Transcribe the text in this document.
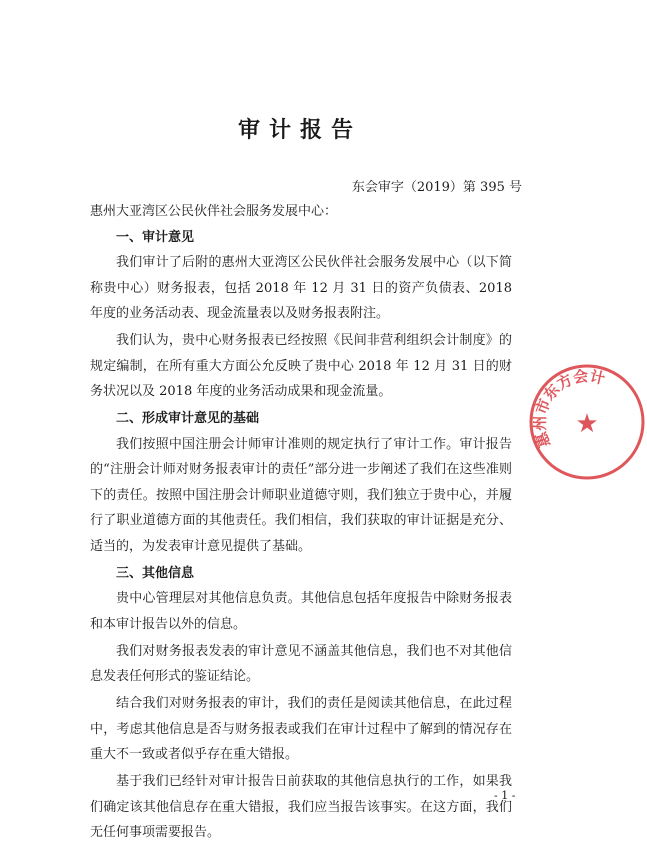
审计报告
东会审字（2019）第 395 号

惠州大亚湾区公民伙伴社会服务发展中心：

一、审计意见

我们审计了后附的惠州大亚湾区公民伙伴社会服务发展中心（以下简称贵中心）财务报表，包括 2018 年 12 月 31 日的资产负债表、2018 年度的业务活动表、现金流量表以及财务报表附注。

我们认为，贵中心财务报表已经按照《民间非营利组织会计制度》的规定编制，在所有重大方面公允反映了贵中心 2018 年 12 月 31 日的财务状况以及 2018 年度的业务活动成果和现金流量。

二、形成审计意见的基础

我们按照中国注册会计师审计准则的规定执行了审计工作。审计报告的“注册会计师对财务报表审计的责任”部分进一步阐述了我们在这些准则下的责任。按照中国注册会计师职业道德守则，我们独立于贵中心，并履行了职业道德方面的其他责任。我们相信，我们获取的审计证据是充分、适当的，为发表审计意见提供了基础。

三、其他信息

贵中心管理层对其他信息负责。其他信息包括年度报告中除财务报表和本审计报告以外的信息。

我们对财务报表发表的审计意见不涵盖其他信息，我们也不对其他信息发表任何形式的鉴证结论。

结合我们对财务报表的审计，我们的责任是阅读其他信息，在此过程中，考虑其他信息是否与财务报表或我们在审计过程中了解到的情况存在重大不一致或者似乎存在重大错报。

基于我们已经针对审计报告日前获取的其他信息执行的工作，如果我们确定该其他信息存在重大错报，我们应当报告该事实。在这方面，我们无任何事项需要报告。

惠州市东方会计
★
- 1 -
